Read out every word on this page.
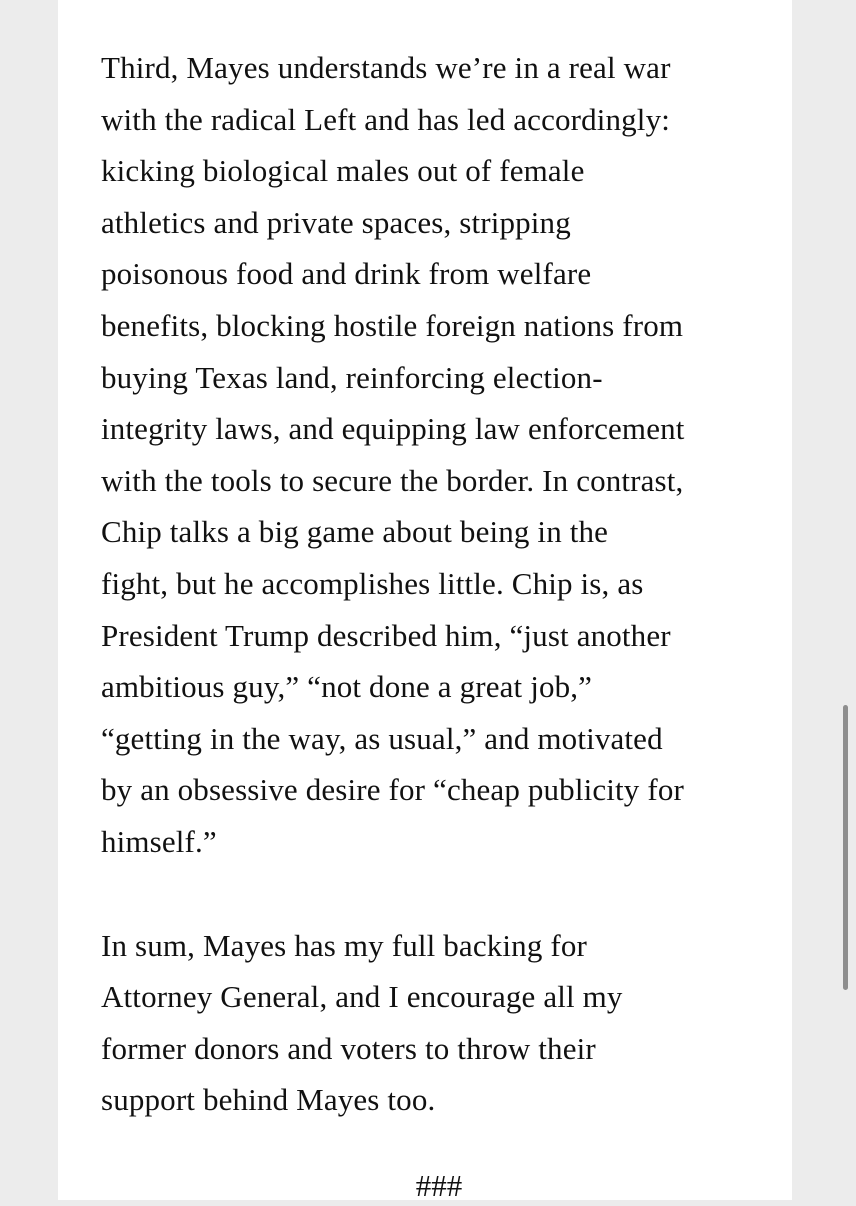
Third, Mayes understands we’re in a real war
with the radical Left and has led accordingly:
kicking biological males out of female
athletics and private spaces, stripping
poisonous food and drink from welfare
benefits, blocking hostile foreign nations from
buying Texas land, reinforcing election-
integrity laws, and equipping law enforcement
with the tools to secure the border. In contrast,
Chip talks a big game about being in the
fight, but he accomplishes little. Chip is, as
President Trump described him, “just another
ambitious guy,” “not done a great job,”
“getting in the way, as usual,” and motivated
by an obsessive desire for “cheap publicity for
himself.”

In sum, Mayes has my full backing for
Attorney General, and I encourage all my
former donors and voters to throw their
support behind Mayes too.

###
